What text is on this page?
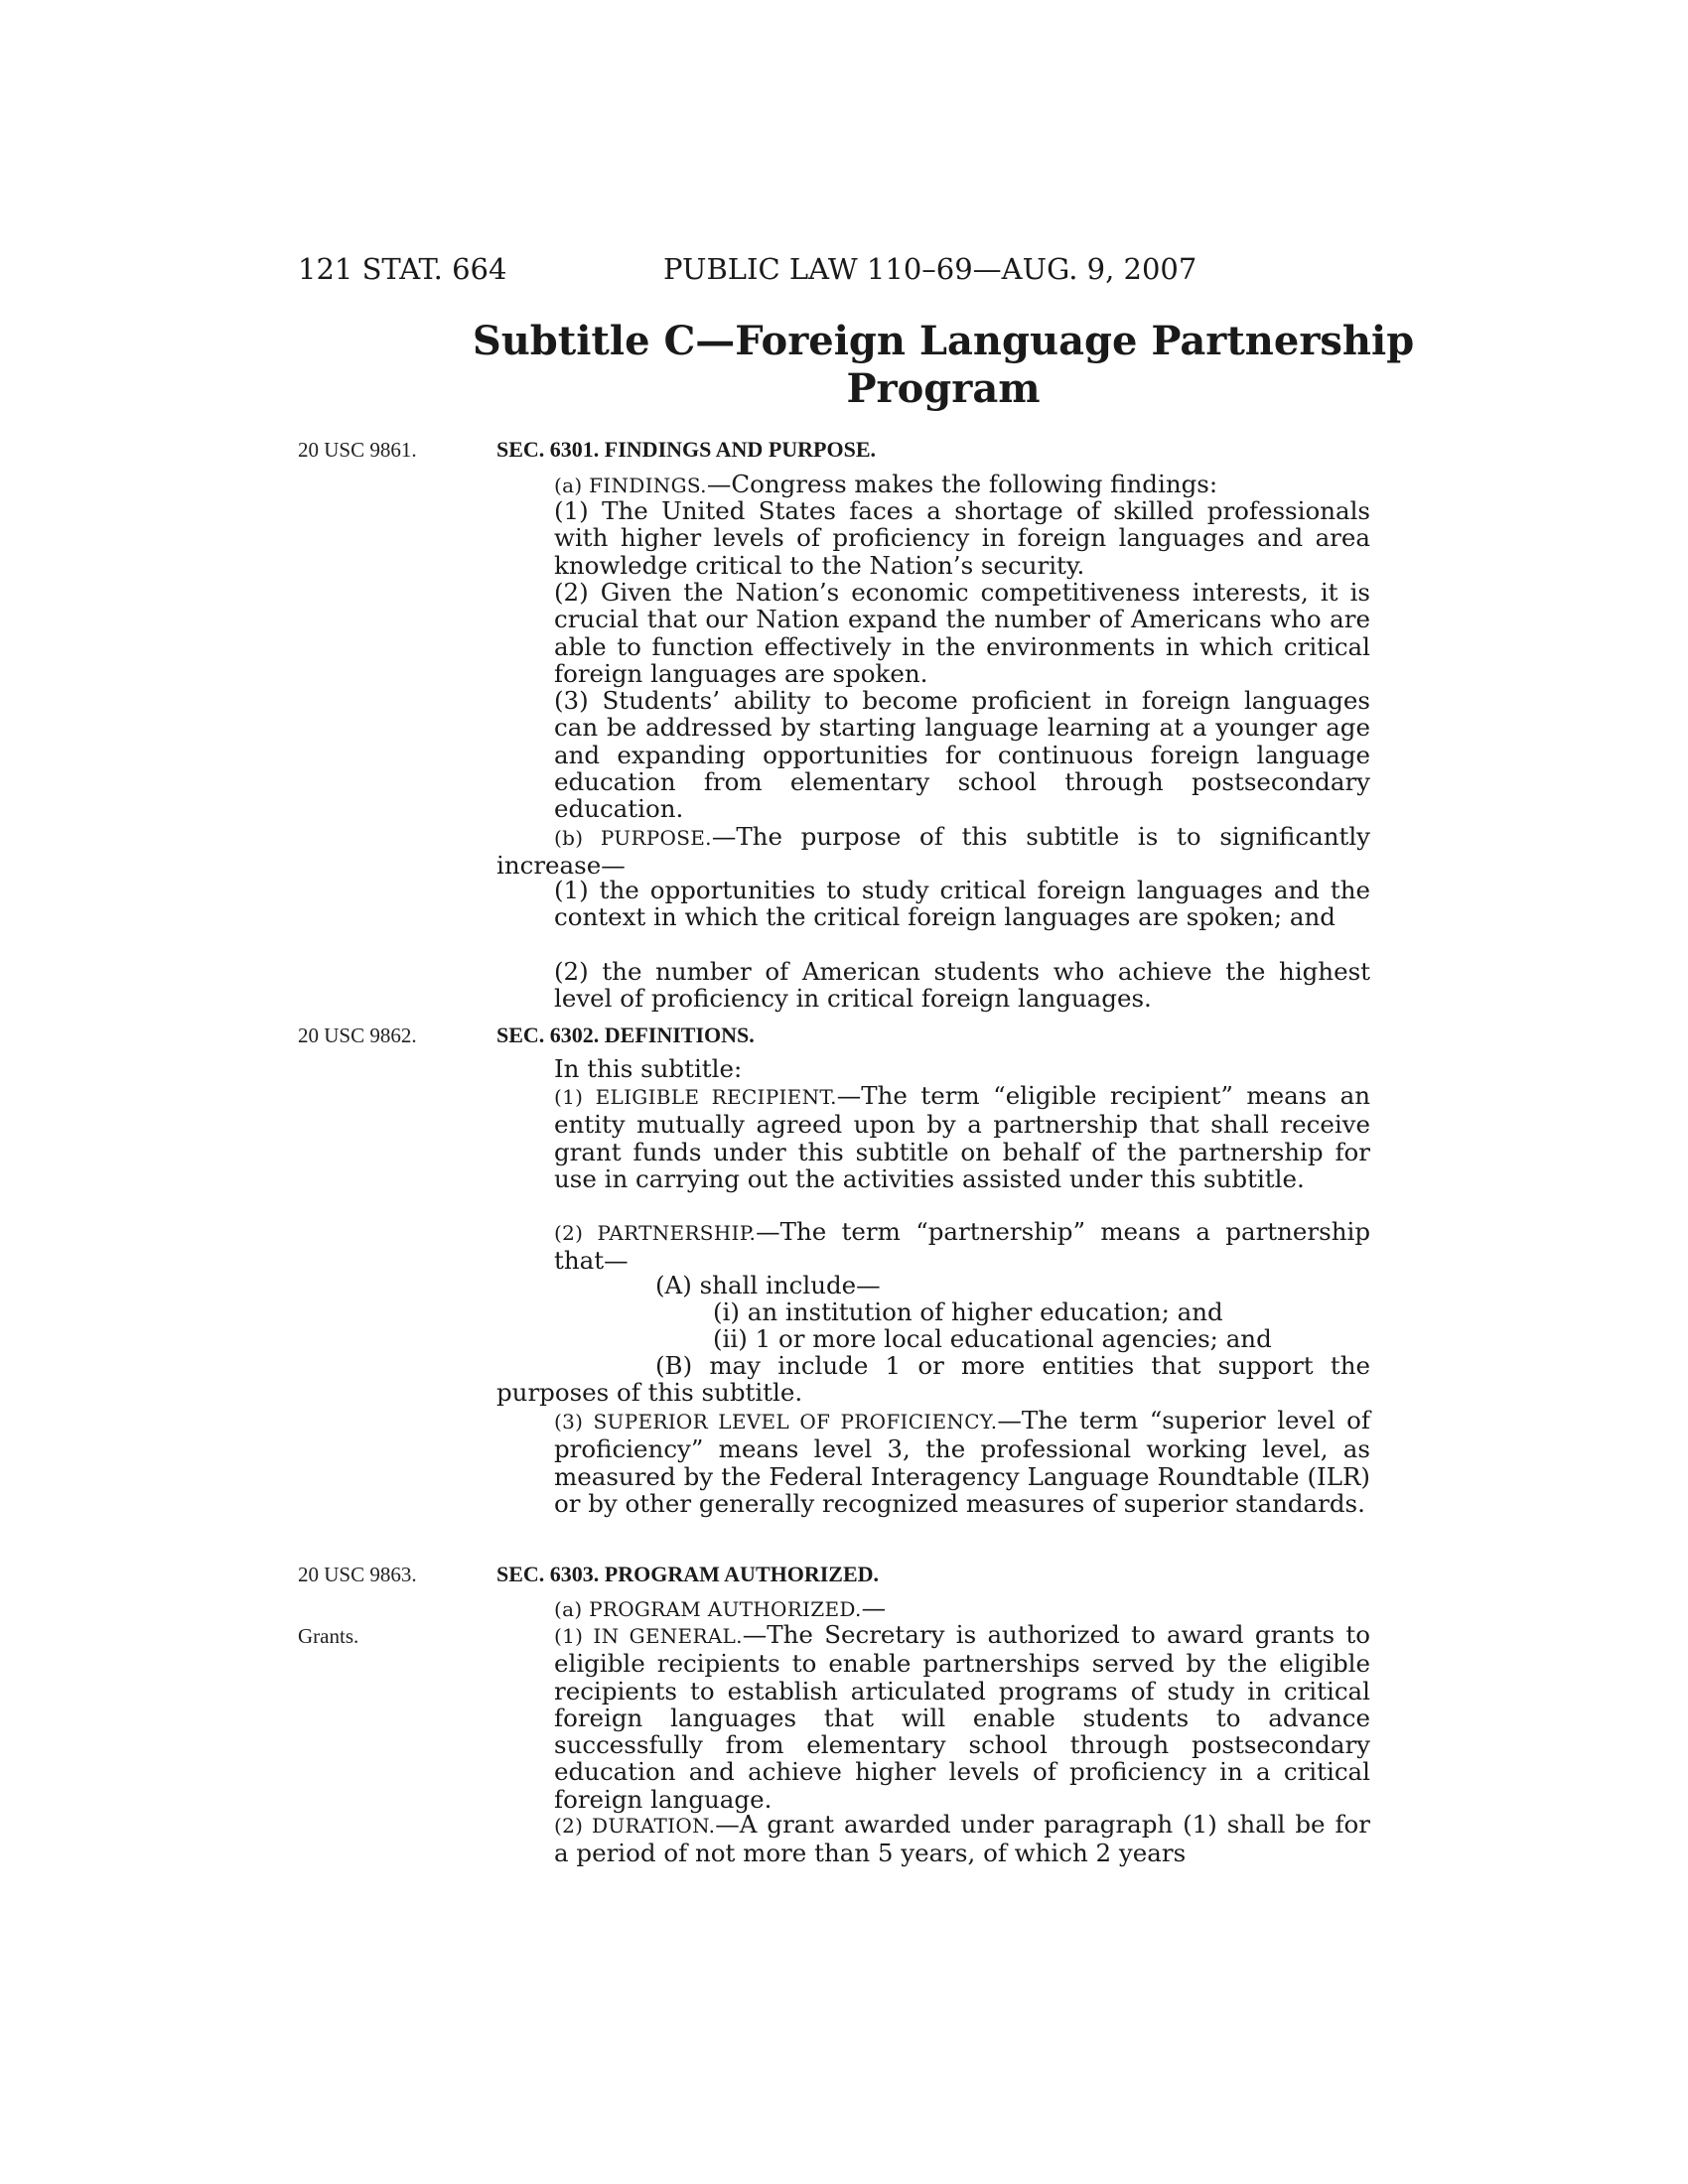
121 STAT. 664	PUBLIC LAW 110–69—AUG. 9, 2007
Subtitle C—Foreign Language Partnership Program
20 USC 9861.	SEC. 6301. FINDINGS AND PURPOSE.

(a) FINDINGS.—Congress makes the following findings:

(1) The United States faces a shortage of skilled professionals with higher levels of proficiency in foreign languages and area knowledge critical to the Nation’s security.

(2) Given the Nation’s economic competitiveness interests, it is crucial that our Nation expand the number of Americans who are able to function effectively in the environments in which critical foreign languages are spoken.

(3) Students’ ability to become proficient in foreign languages can be addressed by starting language learning at a younger age and expanding opportunities for continuous foreign language education from elementary school through postsecondary education.

(b) PURPOSE.—The purpose of this subtitle is to significantly increase—

(1) the opportunities to study critical foreign languages and the context in which the critical foreign languages are spoken; and

(2) the number of American students who achieve the highest level of proficiency in critical foreign languages.

20 USC 9862.	SEC. 6302. DEFINITIONS.

In this subtitle:

(1) ELIGIBLE RECIPIENT.—The term “eligible recipient” means an entity mutually agreed upon by a partnership that shall receive grant funds under this subtitle on behalf of the partnership for use in carrying out the activities assisted under this subtitle.

(2) PARTNERSHIP.—The term “partnership” means a partnership that—

(A) shall include—

(i) an institution of higher education; and

(ii) 1 or more local educational agencies; and

(B) may include 1 or more entities that support the purposes of this subtitle.

(3) SUPERIOR LEVEL OF PROFICIENCY.—The term “superior level of proficiency” means level 3, the professional working level, as measured by the Federal Interagency Language Roundtable (ILR) or by other generally recognized measures of superior standards.

20 USC 9863.	SEC. 6303. PROGRAM AUTHORIZED.

(a) PROGRAM AUTHORIZED.—

Grants.	(1) IN GENERAL.—The Secretary is authorized to award grants to eligible recipients to enable partnerships served by the eligible recipients to establish articulated programs of study in critical foreign languages that will enable students to advance successfully from elementary school through postsecondary education and achieve higher levels of proficiency in a critical foreign language.

(2) DURATION.—A grant awarded under paragraph (1) shall be for a period of not more than 5 years, of which 2 years
